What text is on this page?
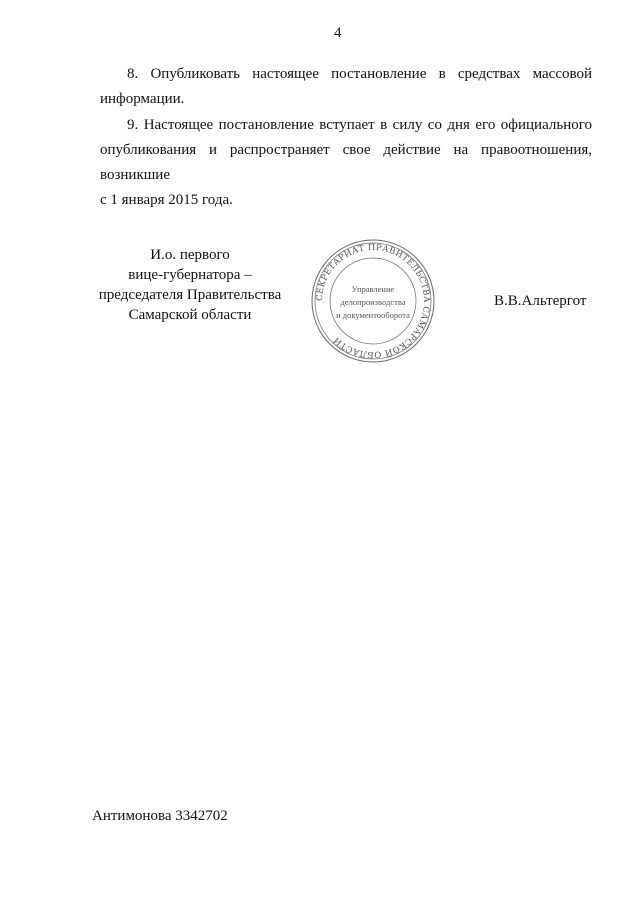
4
8. Опубликовать настоящее постановление в средствах массовой
информации.
9. Настоящее постановление вступает в силу со дня его официального
опубликования и распространяет свое действие на правоотношения, возникшие
с 1 января 2015 года.
И.о. первого
вице-губернатора –
председателя Правительства
Самарской области
СЕКРЕТАРИАТ ПРАВИТЕЛЬСТВА САМАРСКОЙ ОБЛАСТИ
Управление
делопроизводства
и документооборота
В.В.Альтергот
Антимонова 3342702
